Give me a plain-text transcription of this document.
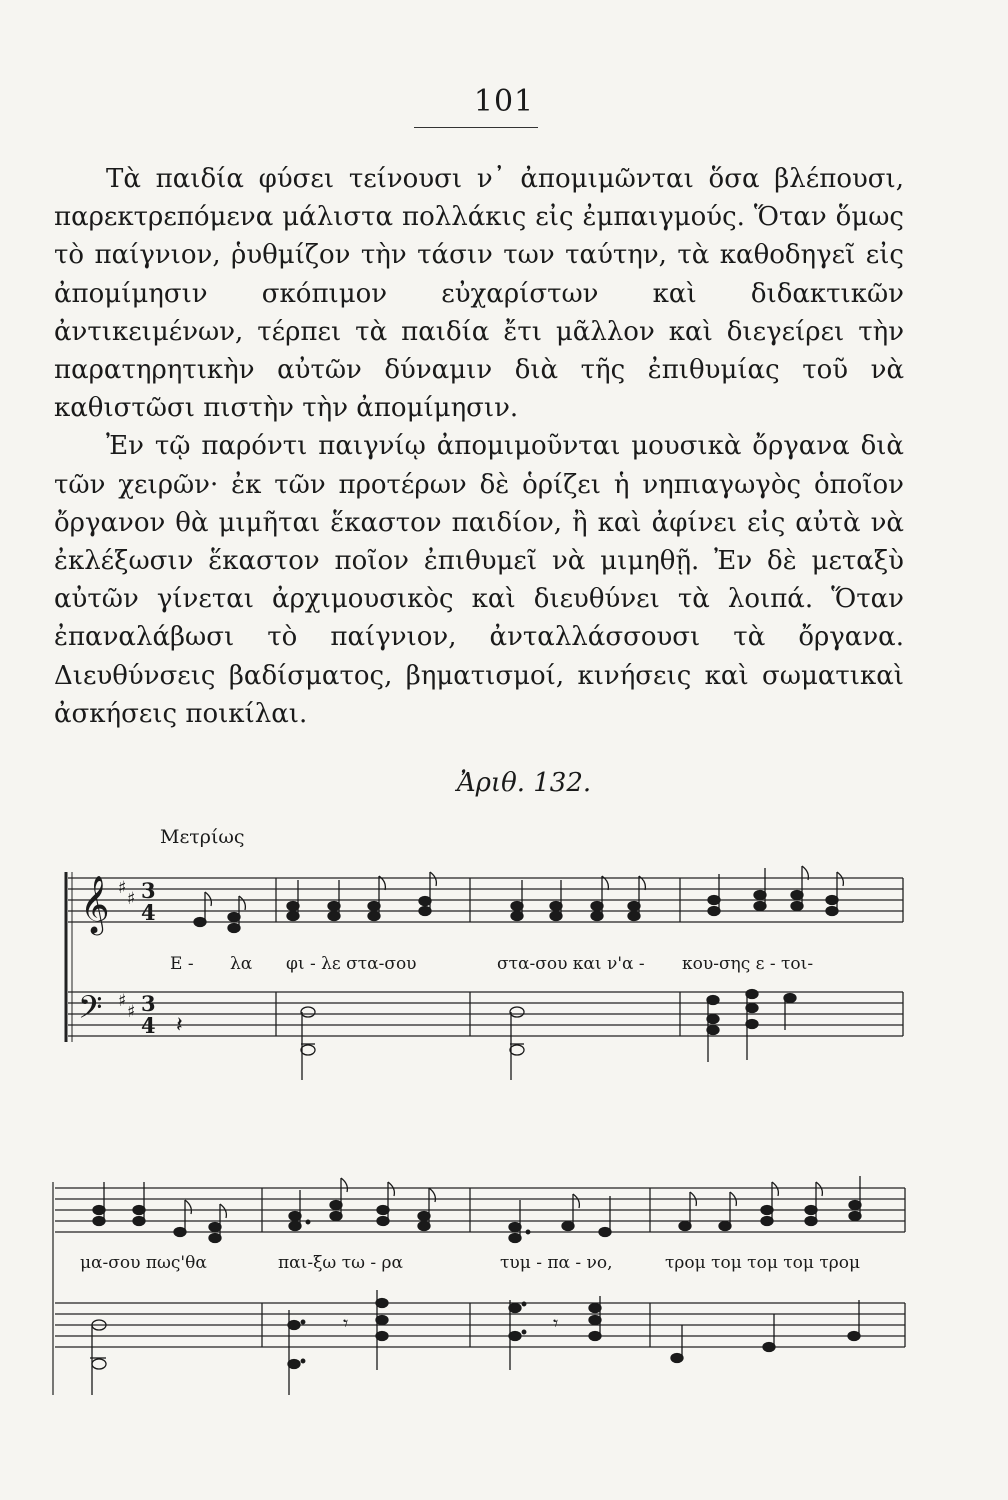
101

Τὰ παιδία φύσει τείνουσι ν᾽ ἀπομιμῶνται ὅσα βλέπουσι, παρεκτρεπόμενα μάλιστα πολλάκις εἰς ἐμπαιγμούς. Ὅταν ὅμως τὸ παίγνιον, ῥυθμίζον τὴν τάσιν των ταύτην, τὰ καθοδηγεῖ εἰς ἀπομίμησιν σκόπιμον εὐχαρίστων καὶ διδακτικῶν ἀντικειμένων, τέρπει τὰ παιδία ἔτι μᾶλλον καὶ διεγείρει τὴν παρατηρητικὴν αὐτῶν δύναμιν διὰ τῆς ἐπιθυμίας τοῦ νὰ καθιστῶσι πιστὴν τὴν ἀπομίμησιν.

Ἐν τῷ παρόντι παιγνίῳ ἀπομιμοῦνται μουσικὰ ὄργανα διὰ τῶν χειρῶν· ἐκ τῶν προτέρων δὲ ὁρίζει ἡ νηπιαγωγὸς ὁποῖον ὄργανον θὰ μιμῆται ἕκαστον παιδίον, ἢ καὶ ἀφίνει εἰς αὐτὰ νὰ ἐκλέξωσιν ἕκαστον ποῖον ἐπιθυμεῖ νὰ μιμηθῇ. Ἐν δὲ μεταξὺ αὐτῶν γίνεται ἀρχιμουσικὸς καὶ διευθύνει τὰ λοιπά. Ὅταν ἐπαναλάβωσι τὸ παίγνιον, ἀνταλλάσσουσι τὰ ὄργανα. Διευθύνσεις βαδίσματος, βηματισμοί, κινήσεις καὶ σωματικαὶ ἀσκήσεις ποικίλαι.

Ἀριθ. 132.
Μετρίως
Ε - λα φι - λε στα-σου	στα-σου και ν'α - κου-σης ε - τοι-
μα-σου πως'θα	παι-ξω τω - ρα	τυμ - πα - νο,	τρομ τομ τομ τομ τρομ
𝄞 ♯
♯ 3
4
𝄢 ♯
♯ 3
4 𝄽
𝄾	𝄾
